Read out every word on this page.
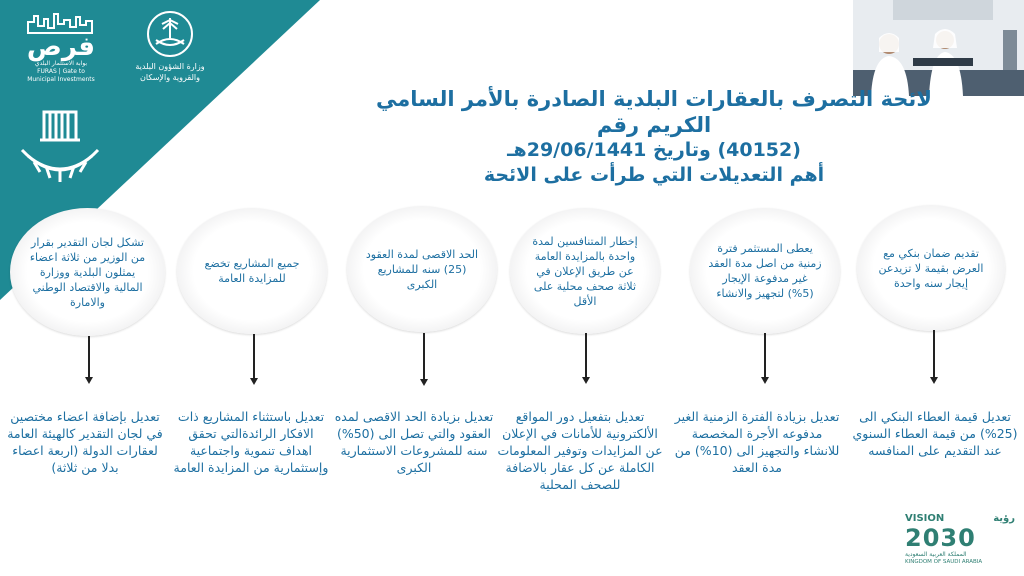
فرص
بوابة الاستثمار البلدي
FURAS | Gate to Municipal Investments
وزارة الشؤون البلدية
والقروية والإسكان
لائحة التصرف بالعقارات البلدية الصادرة بالأمر السامي الكريم رقم
(40152) وتاريخ 29/06/1441هـ
أهم التعديلات التي طرأت على الائحة
تقديم ضمان بنكي مع العرض بقيمة لا تزيدعن إيجار سنه واحدة
يعطى المستثمر فترة زمنية من اصل مدة العقد غير مدفوعة الإيجار (5%) لتجهيز والانشاء
إخطار المتنافسين لمدة واحدة بالمزايدة العامة عن طريق الإعلان في ثلاثة صحف محلية على الأقل
الحد الاقصى لمدة العقود (25) سنه للمشاريع الكبرى
جميع المشاريع تخضع للمزايدة العامة
تشكل لجان التقدير بقرار من الوزير من ثلاثة اعضاء يمثلون البلدية ووزارة المالية والاقتصاد الوطني والامارة
تعديل قيمة العطاء البنكي الى (25%) من قيمة العطاء السنوي عند التقديم على المنافسه
تعديل بزيادة الفترة الزمنية الغير مدفوعه الأجرة المخصصة للانشاء والتجهيز الى (10%) من مدة العقد
تعديل بتفعيل دور المواقع الألكترونية للأمانات في الإعلان عن المزايدات وتوفير المعلومات الكاملة عن كل عقار بالاضافة للصحف المحلية
تعديل بزيادة الحد الاقصى لمده العقود والتي تصل الى (50%) سنه للمشروعات الاستثمارية الكبرى
تعديل باستثناء المشاريع ذات الافكار الرائدةالتي تحقق اهداف تنموية واجتماعية وإستثمارية من المزايدة العامة
تعديل بإضافة اعضاء مختصين في لجان التقدير كالهيئة العامة لعقارات الدولة (اربعة اعضاء بدلا من ثلاثة)
VISION	رؤية
2030
المملكة العربية السعودية
KINGDOM OF SAUDI ARABIA
